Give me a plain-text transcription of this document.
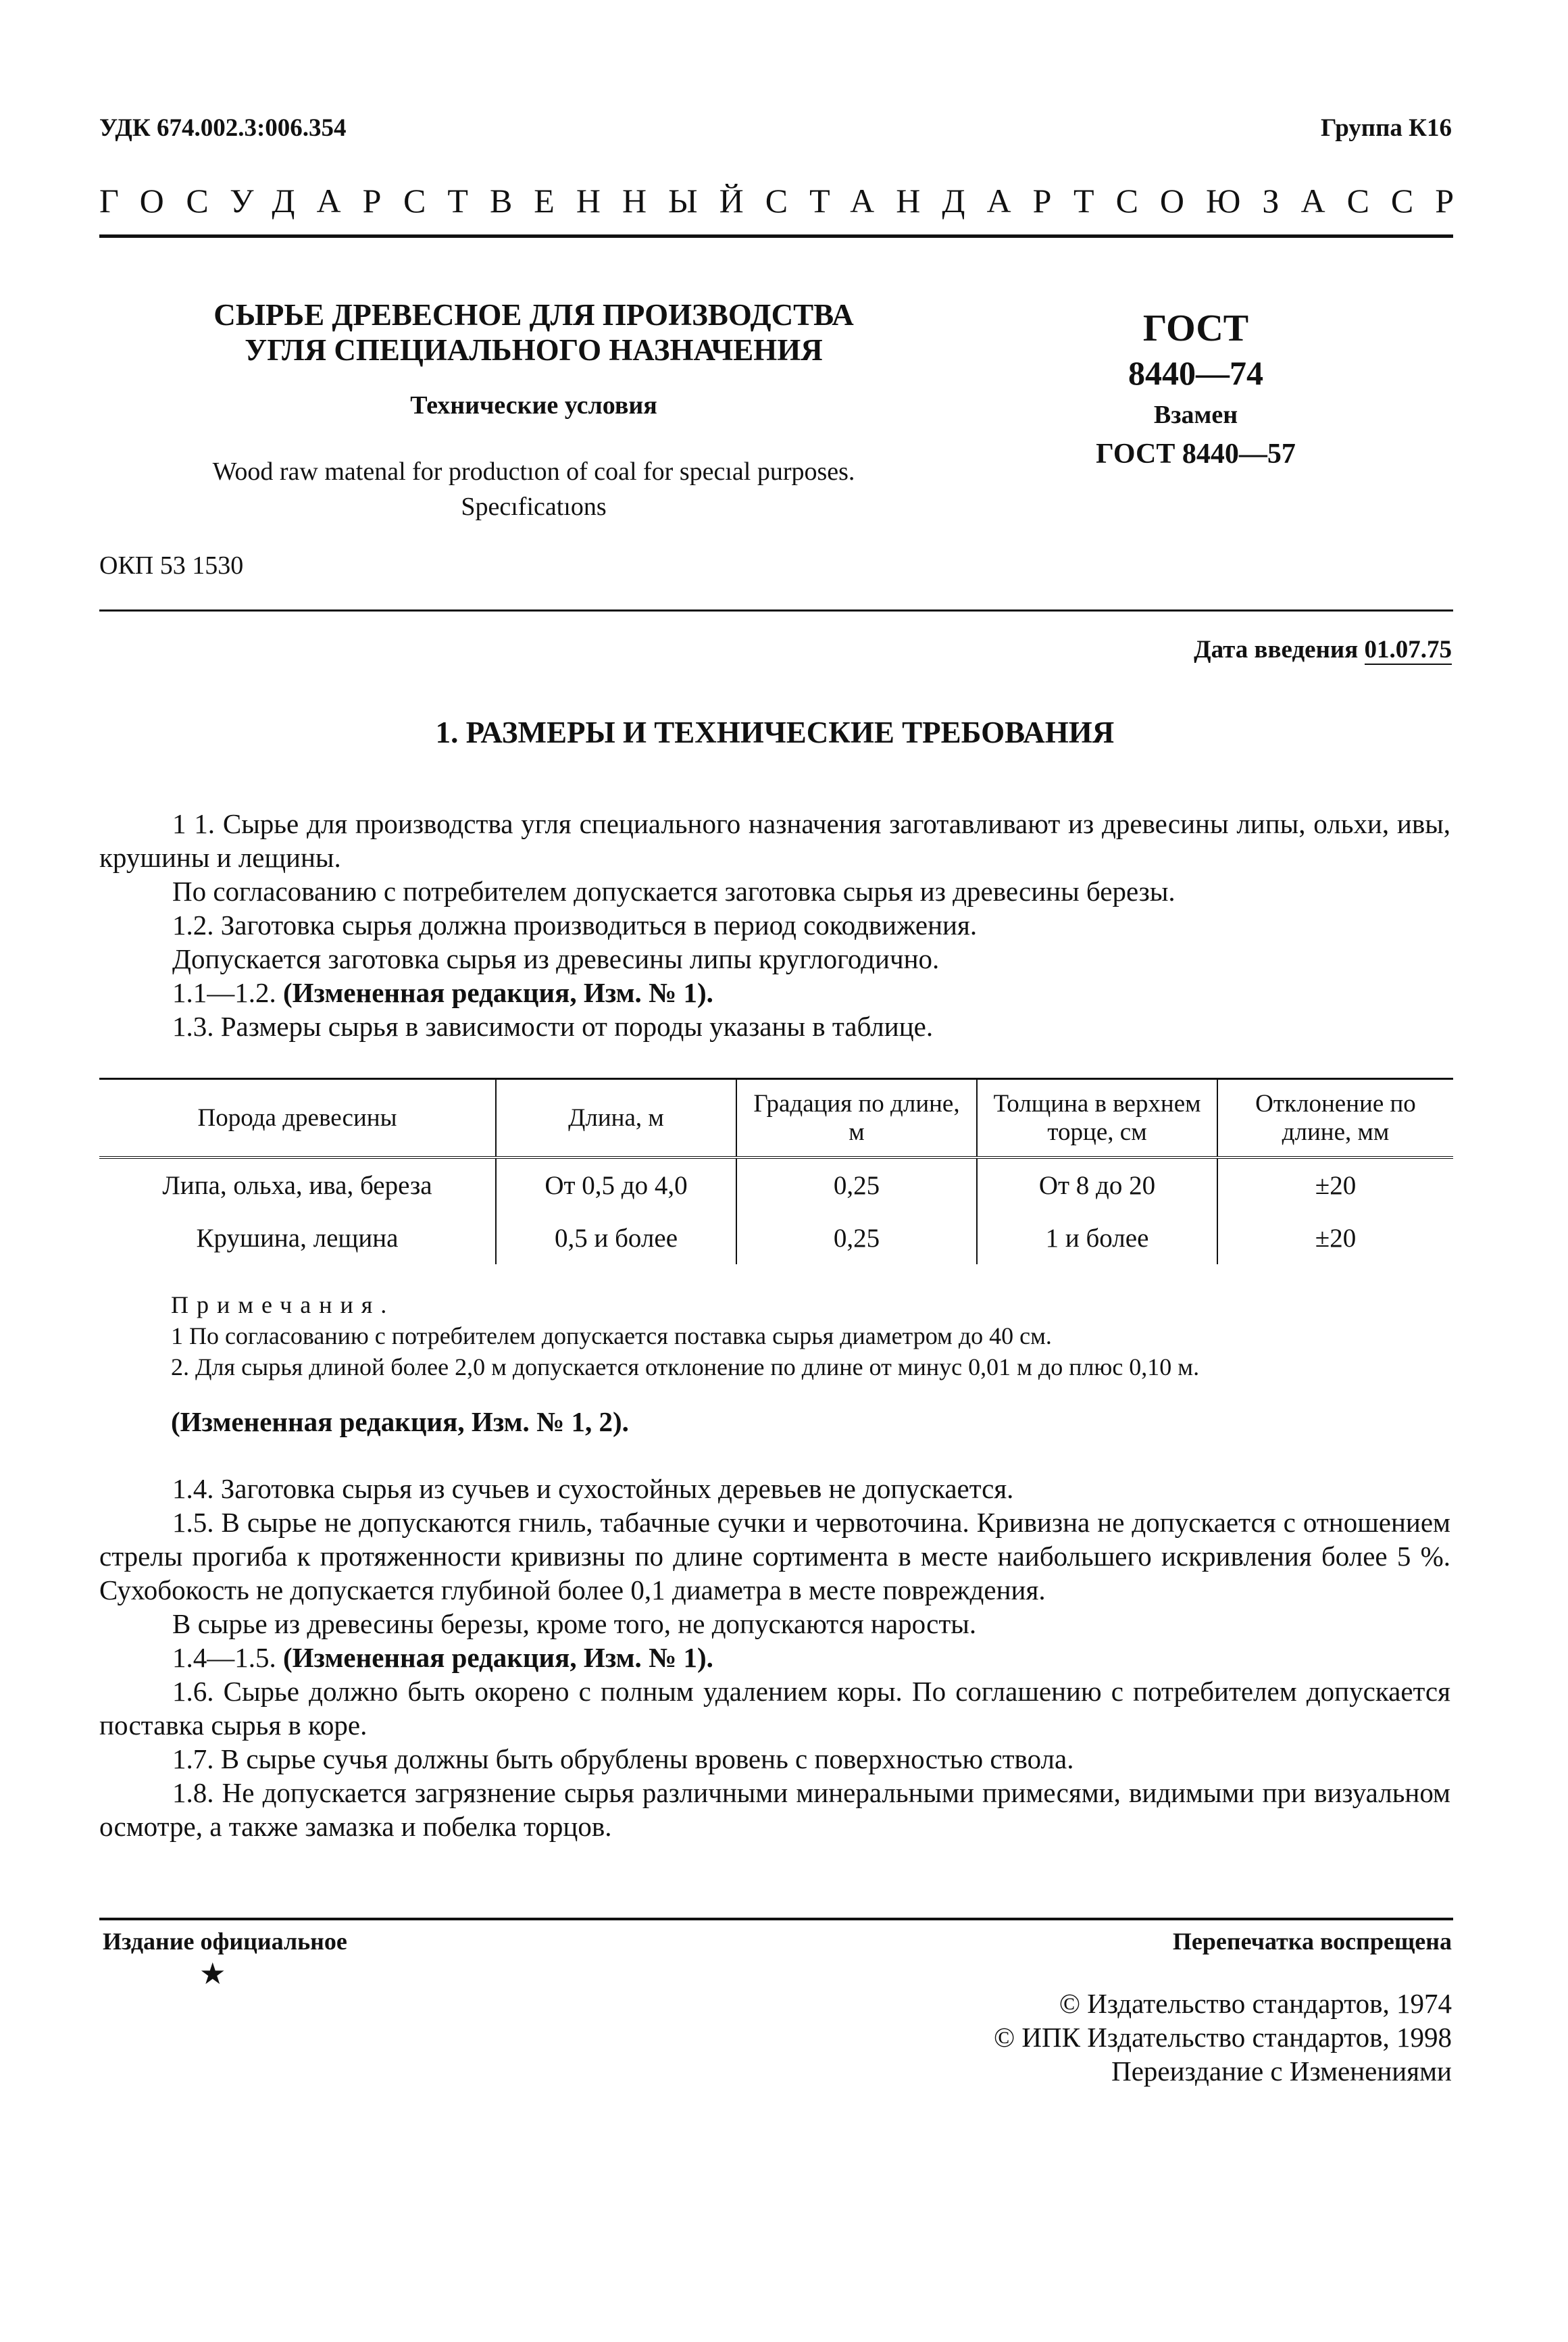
УДК 674.002.3:006.354	Группа К16
ГОСУДАРСТВЕННЫЙ СТАНДАРТ СОЮЗА ССР
СЫРЬЕ ДРЕВЕСНОЕ ДЛЯ ПРОИЗВОДСТВА
УГЛЯ СПЕЦИАЛЬНОГО НАЗНАЧЕНИЯ
Технические условия
Wood raw matenal for productıon of coal for specıal purposes.
Specıficatıons
ОКП 53 1530
ГОСТ
8440—74
Взамен
ГОСТ 8440—57
Дата введения 01.07.75
1. РАЗМЕРЫ И ТЕХНИЧЕСКИЕ ТРЕБОВАНИЯ

1 1. Сырье для производства угля специального назначения заготавливают из древесины липы, ольхи, ивы, крушины и лещины.

По согласованию с потребителем допускается заготовка сырья из древесины березы.

1.2. Заготовка сырья должна производиться в период сокодвижения.

Допускается заготовка сырья из древесины липы круглогодично.

1.1—1.2. (Измененная редакция, Изм. № 1).

1.3. Размеры сырья в зависимости от породы указаны в таблице.

Порода древесины	Длина, м	Градация по длине, м	Толщина в верхнем торце, см	Отклонение по длине, мм
Липа, ольха, ива, береза	От 0,5 до 4,0	0,25	От 8 до 20	±20
Крушина, лещина	0,5 и более	0,25	1 и более	±20
Примечания.
1 По согласованию с потребителем допускается поставка сырья диаметром до 40 см.
2. Для сырья длиной более 2,0 м допускается отклонение по длине от минус 0,01 м до плюс 0,10 м.
(Измененная редакция, Изм. № 1, 2).

1.4. Заготовка сырья из сучьев и сухостойных деревьев не допускается.

1.5. В сырье не допускаются гниль, табачные сучки и червоточина. Кривизна не допускается с отношением стрелы прогиба к протяженности кривизны по длине сортимента в месте наибольшего искривления более 5 %. Сухобокость не допускается глубиной более 0,1 диаметра в месте повреждения.

В сырье из древесины березы, кроме того, не допускаются наросты.

1.4—1.5. (Измененная редакция, Изм. № 1).

1.6. Сырье должно быть окорено с полным удалением коры. По соглашению с потребителем допускается поставка сырья в коре.

1.7. В сырье сучья должны быть обрублены вровень с поверхностью ствола.

1.8. Не допускается загрязнение сырья различными минеральными примесями, видимыми при визуальном осмотре, а также замазка и побелка торцов.

Издание официальное	Перепечатка воспрещена
★
© Издательство стандартов, 1974
© ИПК Издательство стандартов, 1998
Переиздание с Изменениями
